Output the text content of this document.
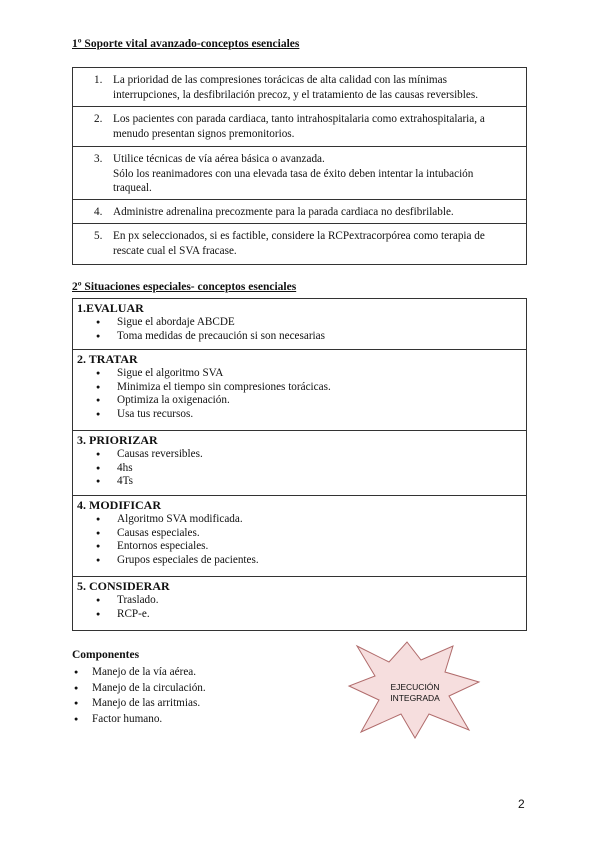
1º Soporte vital avanzado-conceptos esenciales
1. La prioridad de las compresiones torácicas de alta calidad con las mínimas
interrupciones, la desfibrilación precoz, y el tratamiento de las causas reversibles.
2. Los pacientes con parada cardiaca, tanto intrahospitalaria como extrahospitalaria, a
menudo presentan signos premonitorios.
3. Utilice técnicas de vía aérea básica o avanzada.
Sólo los reanimadores con una elevada tasa de éxito deben intentar la intubación
traqueal.
4. Administre adrenalina precozmente para la parada cardiaca no desfibrilable.
5. En px seleccionados, si es factible, considere la RCPextracorpórea como terapia de
rescate cual el SVA fracase.
2º Situaciones especiales- conceptos esenciales
1.EVALUAR
● Sigue el abordaje ABCDE
● Toma medidas de precaución si son necesarias
2. TRATAR
● Sigue el algoritmo SVA
● Minimiza el tiempo sin compresiones torácicas.
● Optimiza la oxigenación.
● Usa tus recursos.
3. PRIORIZAR
● Causas reversibles.
● 4hs
● 4Ts
4. MODIFICAR
● Algoritmo SVA modificada.
● Causas especiales.
● Entornos especiales.
● Grupos especiales de pacientes.
5. CONSIDERAR
● Traslado.
● RCP-e.
Componentes
● Manejo de la vía aérea.
● Manejo de la circulación.
● Manejo de las arritmias.
● Factor humano.
EJECUCIÓN
INTEGRADA
2
